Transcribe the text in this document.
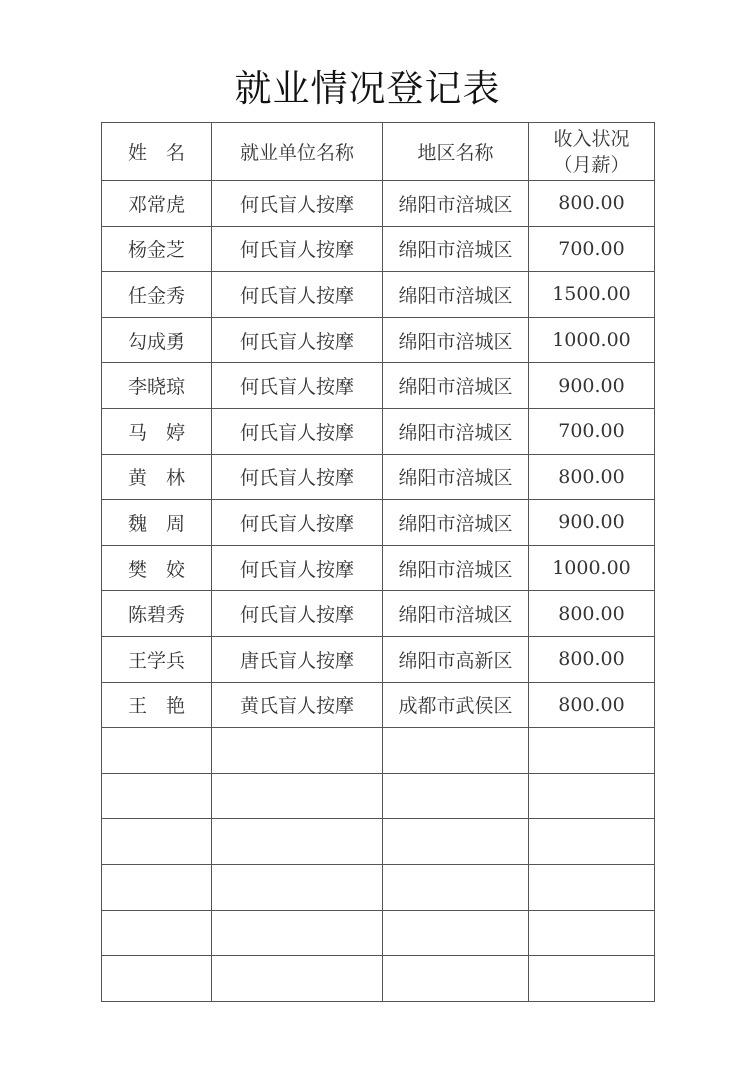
就业情况登记表
姓　名	就业单位名称	地区名称	收入状况
（月薪）

邓常虎	何氏盲人按摩	绵阳市涪城区	800.00
杨金芝	何氏盲人按摩	绵阳市涪城区	700.00
任金秀	何氏盲人按摩	绵阳市涪城区	1500.00
勾成勇	何氏盲人按摩	绵阳市涪城区	1000.00
李晓琼	何氏盲人按摩	绵阳市涪城区	900.00
马　婷	何氏盲人按摩	绵阳市涪城区	700.00
黄　林	何氏盲人按摩	绵阳市涪城区	800.00
魏　周	何氏盲人按摩	绵阳市涪城区	900.00
樊　姣	何氏盲人按摩	绵阳市涪城区	1000.00
陈碧秀	何氏盲人按摩	绵阳市涪城区	800.00
王学兵	唐氏盲人按摩	绵阳市高新区	800.00
王　艳	黄氏盲人按摩	成都市武侯区	800.00
